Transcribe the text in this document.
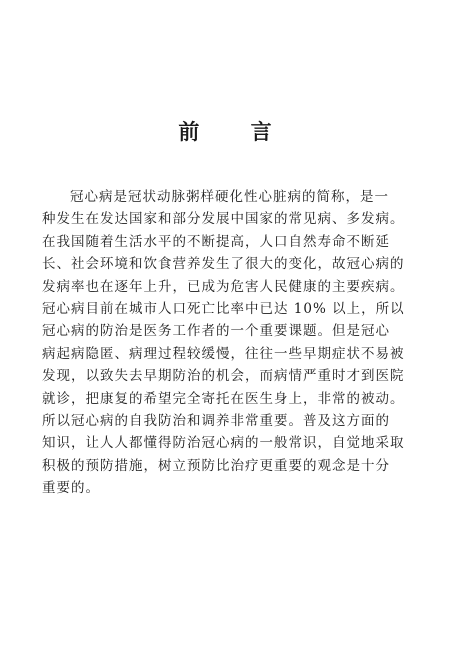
前 言
冠心病是冠状动脉粥样硬化性心脏病的简称，是一
种发生在发达国家和部分发展中国家的常见病、多发病。
在我国随着生活水平的不断提高，人口自然寿命不断延
长、社会环境和饮食营养发生了很大的变化，故冠心病的
发病率也在逐年上升，已成为危害人民健康的主要疾病。
冠心病目前在城市人口死亡比率中已达 10% 以上，所以
冠心病的防治是医务工作者的一个重要课题。但是冠心
病起病隐匿、病理过程较缓慢，往往一些早期症状不易被
发现，以致失去早期防治的机会，而病情严重时才到医院
就诊，把康复的希望完全寄托在医生身上，非常的被动。
所以冠心病的自我防治和调养非常重要。普及这方面的
知识，让人人都懂得防治冠心病的一般常识，自觉地采取
积极的预防措施，树立预防比治疗更重要的观念是十分
重要的。
